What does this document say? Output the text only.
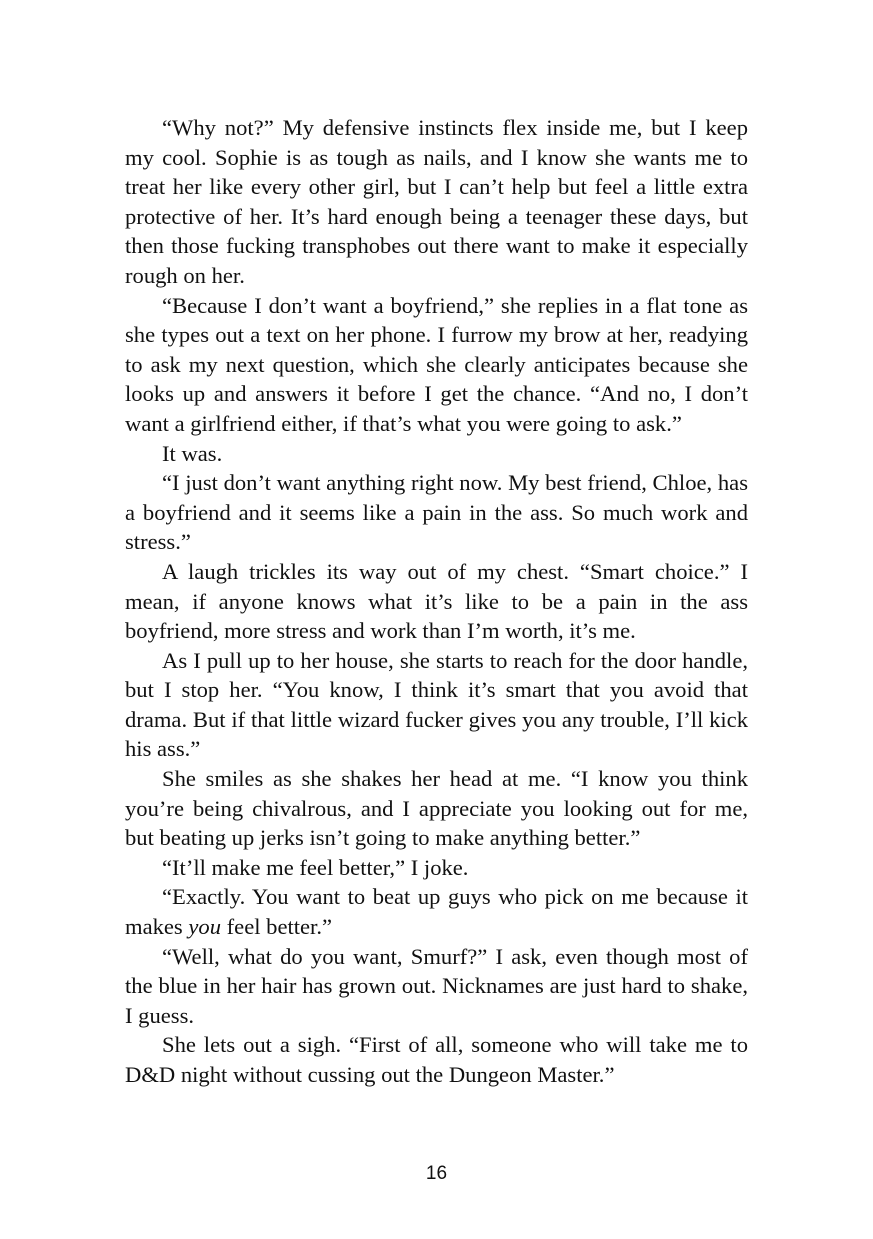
“Why not?” My defensive instincts flex inside me, but I keep my cool. Sophie is as tough as nails, and I know she wants me to treat her like every other girl, but I can’t help but feel a little extra protective of her. It’s hard enough being a teenager these days, but then those fucking transphobes out there want to make it especially rough on her.

“Because I don’t want a boyfriend,” she replies in a flat tone as she types out a text on her phone. I furrow my brow at her, readying to ask my next question, which she clearly anticipates because she looks up and answers it before I get the chance. “And no, I don’t want a girlfriend either, if that’s what you were going to ask.”

It was.

“I just don’t want anything right now. My best friend, Chloe, has a boyfriend and it seems like a pain in the ass. So much work and stress.”

A laugh trickles its way out of my chest. “Smart choice.” I mean, if anyone knows what it’s like to be a pain in the ass boyfriend, more stress and work than I’m worth, it’s me.

As I pull up to her house, she starts to reach for the door handle, but I stop her. “You know, I think it’s smart that you avoid that drama. But if that little wizard fucker gives you any trouble, I’ll kick his ass.”

She smiles as she shakes her head at me. “I know you think you’re being chivalrous, and I appreciate you looking out for me, but beating up jerks isn’t going to make anything better.”

“It’ll make me feel better,” I joke.

“Exactly. You want to beat up guys who pick on me because it makes you feel better.”

“Well, what do you want, Smurf?” I ask, even though most of the blue in her hair has grown out. Nicknames are just hard to shake, I guess.

She lets out a sigh. “First of all, someone who will take me to D&D night without cussing out the Dungeon Master.”

16
